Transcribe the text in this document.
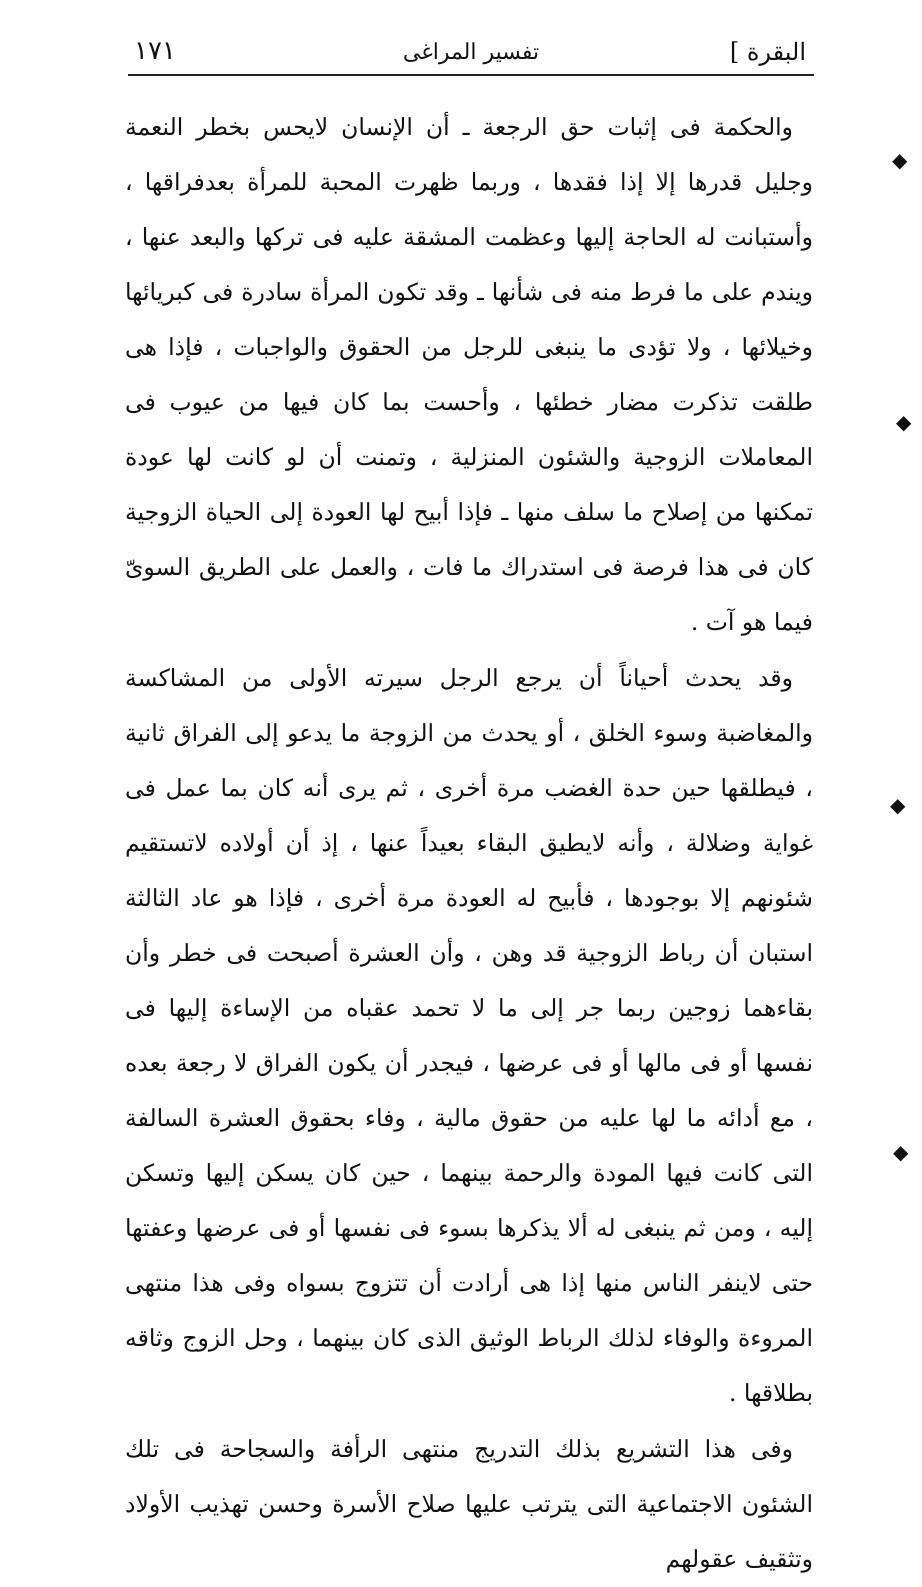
البقرة ]
تفسير المراغى
١٧١

والحكمة فى إثبات حق الرجعة ـ أن الإنسان لايحس بخطر النعمة وجليل قدرها إلا إذا فقدها ، وربما ظهرت المحبة للمرأة بعدفراقها ، وأستبانت له الحاجة إليها وعظمت المشقة عليه فى تركها والبعد عنها ، ويندم على ما فرط منه فى شأنها ـ وقد تكون المرأة سادرة فى كبريائها وخيلائها ، ولا تؤدى ما ينبغى للرجل من الحقوق والواجبات ، فإذا هى طلقت تذكرت مضار خطئها ، وأحست بما كان فيها من عيوب فى المعاملات الزوجية والشئون المنزلية ، وتمنت أن لو كانت لها عودة تمكنها من إصلاح ما سلف منها ـ فإذا أبيح لها العودة إلى الحياة الزوجية كان فى هذا فرصة فى استدراك ما فات ، والعمل على الطريق السوىّ فيما هو آت .

وقد يحدث أحياناً أن يرجع الرجل سيرته الأولى من المشاكسة والمغاضبة وسوء الخلق ، أو يحدث من الزوجة ما يدعو إلى الفراق ثانية ، فيطلقها حين حدة الغضب مرة أخرى ، ثم يرى أنه كان بما عمل فى غواية وضلالة ، وأنه لايطيق البقاء بعيداً عنها ، إذ أن أولاده لاتستقيم شئونهم إلا بوجودها ، فأبيح له العودة مرة أخرى ، فإذا هو عاد الثالثة استبان أن رباط الزوجية قد وهن ، وأن العشرة أصبحت فى خطر وأن بقاءهما زوجين ربما جر إلى ما لا تحمد عقباه من الإساءة إليها فى نفسها أو فى مالها أو فى عرضها ، فيجدر أن يكون الفراق لا رجعة بعده ، مع أدائه ما لها عليه من حقوق مالية ، وفاء بحقوق العشرة السالفة التى كانت فيها المودة والرحمة بينهما ، حين كان يسكن إليها وتسكن إليه ، ومن ثم ينبغى له ألا يذكرها بسوء فى نفسها أو فى عرضها وعفتها حتى لاينفر الناس منها إذا هى أرادت أن تتزوج بسواه وفى هذا منتهى المروءة والوفاء لذلك الرباط الوثيق الذى كان بينهما ، وحل الزوج وثاقه بطلاقها .

وفى هذا التشريع بذلك التدريج منتهى الرأفة والسجاحة فى تلك الشئون الاجتماعية التى يترتب عليها صلاح الأسرة وحسن تهذيب الأولاد وتثقيف عقولهم

◆
◆
◆
◆
